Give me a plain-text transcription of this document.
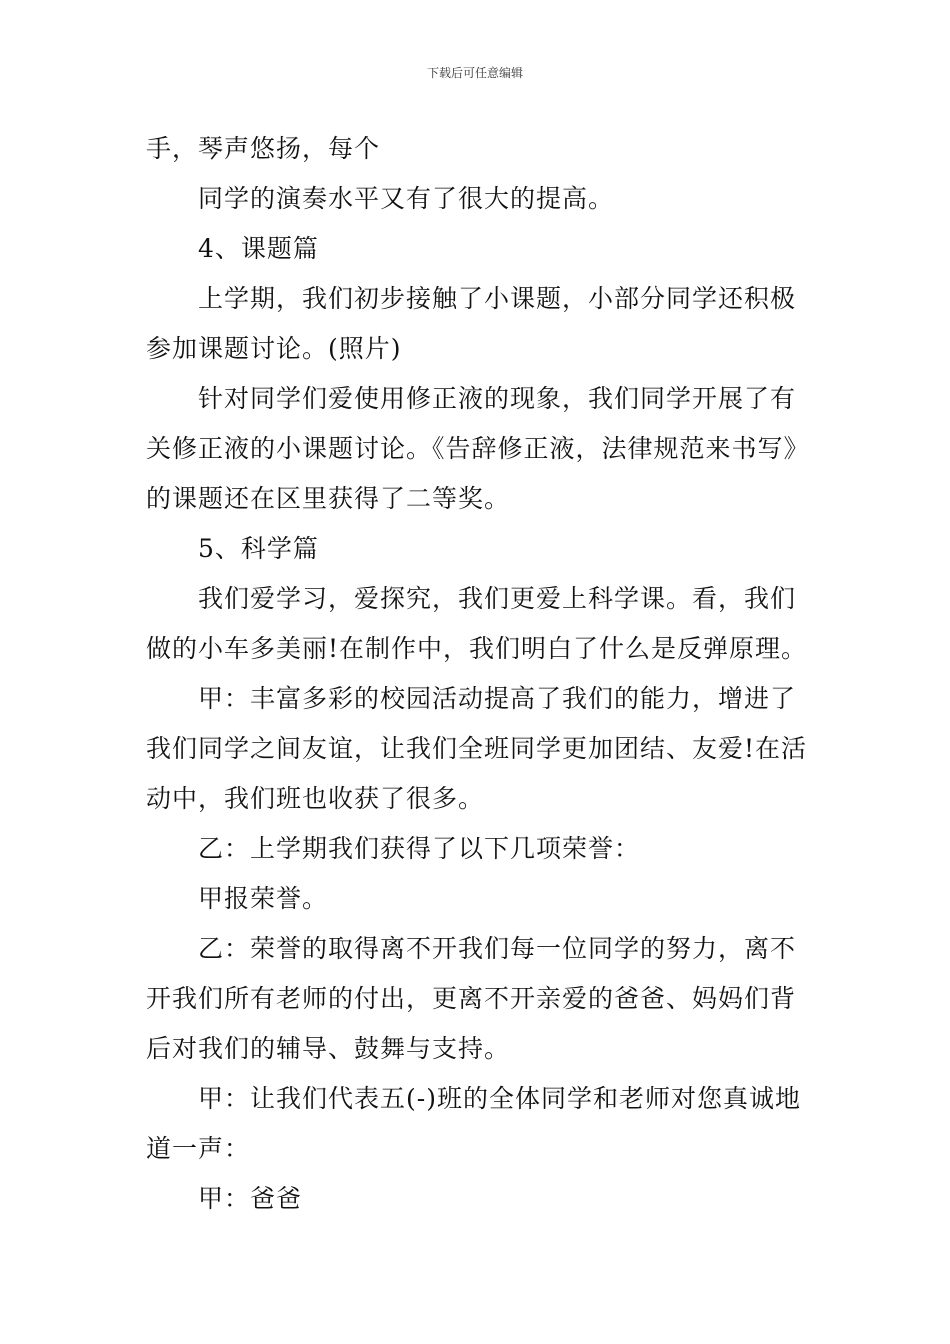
下载后可任意编辑

手，琴声悠扬，每个

同学的演奏水平又有了很大的提高。

4、课题篇

上学期，我们初步接触了小课题，小部分同学还积极参加课题讨论。(照片)

针对同学们爱使用修正液的现象，我们同学开展了有关修正液的小课题讨论。《告辞修正液，法律规范来书写》的课题还在区里获得了二等奖。

5、科学篇

我们爱学习，爱探究，我们更爱上科学课。看，我们做的小车多美丽!在制作中，我们明白了什么是反弹原理。

甲：丰富多彩的校园活动提高了我们的能力，增进了我们同学之间友谊，让我们全班同学更加团结、友爱!在活动中，我们班也收获了很多。

乙：上学期我们获得了以下几项荣誉：

甲报荣誉。

乙：荣誉的取得离不开我们每一位同学的努力，离不开我们所有老师的付出，更离不开亲爱的爸爸、妈妈们背后对我们的辅导、鼓舞与支持。

甲：让我们代表五(-)班的全体同学和老师对您真诚地道一声：

甲：爸爸
